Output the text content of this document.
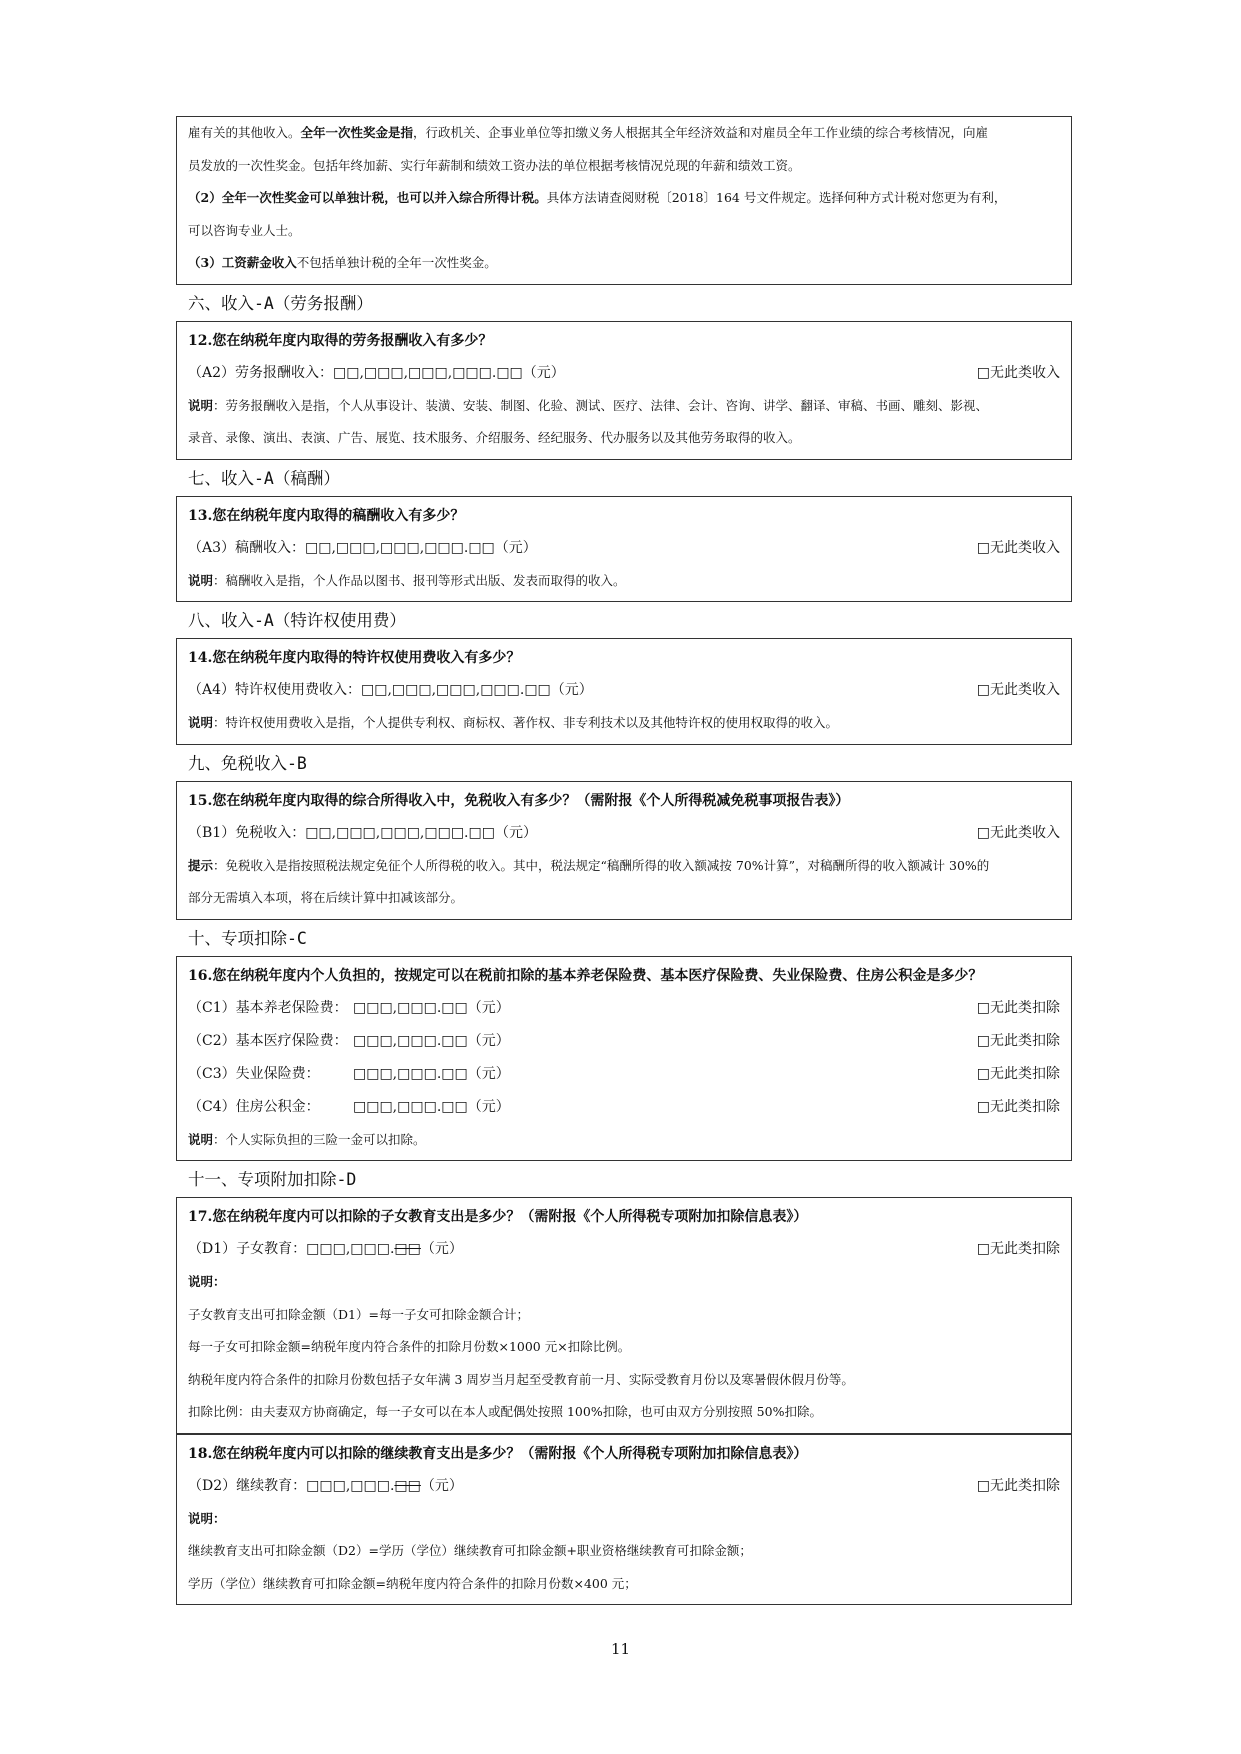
雇有关的其他收入。全年一次性奖金是指，行政机关、企事业单位等扣缴义务人根据其全年经济效益和对雇员全年工作业绩的综合考核情况，向雇
员发放的一次性奖金。包括年终加薪、实行年薪制和绩效工资办法的单位根据考核情况兑现的年薪和绩效工资。
（2）全年一次性奖金可以单独计税，也可以并入综合所得计税。具体方法请查阅财税〔2018〕164 号文件规定。选择何种方式计税对您更为有利，
可以咨询专业人士。
（3）工资薪金收入不包括单独计税的全年一次性奖金。
六、收入-A（劳务报酬）
12.您在纳税年度内取得的劳务报酬收入有多少？
（A2）劳务报酬收入：□□,□□□,□□□,□□□.□□（元）	□无此类收入
说明：劳务报酬收入是指，个人从事设计、装潢、安装、制图、化验、测试、医疗、法律、会计、咨询、讲学、翻译、审稿、书画、雕刻、影视、
录音、录像、演出、表演、广告、展览、技术服务、介绍服务、经纪服务、代办服务以及其他劳务取得的收入。
七、收入-A（稿酬）
13.您在纳税年度内取得的稿酬收入有多少？
（A3）稿酬收入：□□,□□□,□□□,□□□.□□（元）	□无此类收入
说明：稿酬收入是指，个人作品以图书、报刊等形式出版、发表而取得的收入。
八、收入-A（特许权使用费）
14.您在纳税年度内取得的特许权使用费收入有多少？
（A4）特许权使用费收入：□□,□□□,□□□,□□□.□□（元）	□无此类收入
说明：特许权使用费收入是指，个人提供专利权、商标权、著作权、非专利技术以及其他特许权的使用权取得的收入。
九、免税收入-B
15.您在纳税年度内取得的综合所得收入中，免税收入有多少？（需附报《个人所得税减免税事项报告表》）
（B1）免税收入：□□,□□□,□□□,□□□.□□（元）	□无此类收入
提示：免税收入是指按照税法规定免征个人所得税的收入。其中，税法规定“稿酬所得的收入额减按 70%计算”，对稿酬所得的收入额减计 30%的
部分无需填入本项，将在后续计算中扣减该部分。
十、专项扣除-C
16.您在纳税年度内个人负担的，按规定可以在税前扣除的基本养老保险费、基本医疗保险费、失业保险费、住房公积金是多少？
（C1）基本养老保险费： □□□,□□□.□□（元）	□无此类扣除
（C2）基本医疗保险费： □□□,□□□.□□（元）	□无此类扣除
（C3）失业保险费： □□□,□□□.□□（元）	□无此类扣除
（C4）住房公积金： □□□,□□□.□□（元）	□无此类扣除
说明：个人实际负担的三险一金可以扣除。
十一、专项附加扣除-D
17.您在纳税年度内可以扣除的子女教育支出是多少？（需附报《个人所得税专项附加扣除信息表》）
（D1）子女教育：□□□,□□□.□□（元）	□无此类扣除
说明：
子女教育支出可扣除金额（D1）=每一子女可扣除金额合计；
每一子女可扣除金额=纳税年度内符合条件的扣除月份数×1000 元×扣除比例。
纳税年度内符合条件的扣除月份数包括子女年满 3 周岁当月起至受教育前一月、实际受教育月份以及寒暑假休假月份等。
扣除比例：由夫妻双方协商确定，每一子女可以在本人或配偶处按照 100%扣除，也可由双方分别按照 50%扣除。
18.您在纳税年度内可以扣除的继续教育支出是多少？（需附报《个人所得税专项附加扣除信息表》）
（D2）继续教育：□□□,□□□.□□（元）	□无此类扣除
说明：
继续教育支出可扣除金额（D2）=学历（学位）继续教育可扣除金额+职业资格继续教育可扣除金额；
学历（学位）继续教育可扣除金额=纳税年度内符合条件的扣除月份数×400 元；
11
